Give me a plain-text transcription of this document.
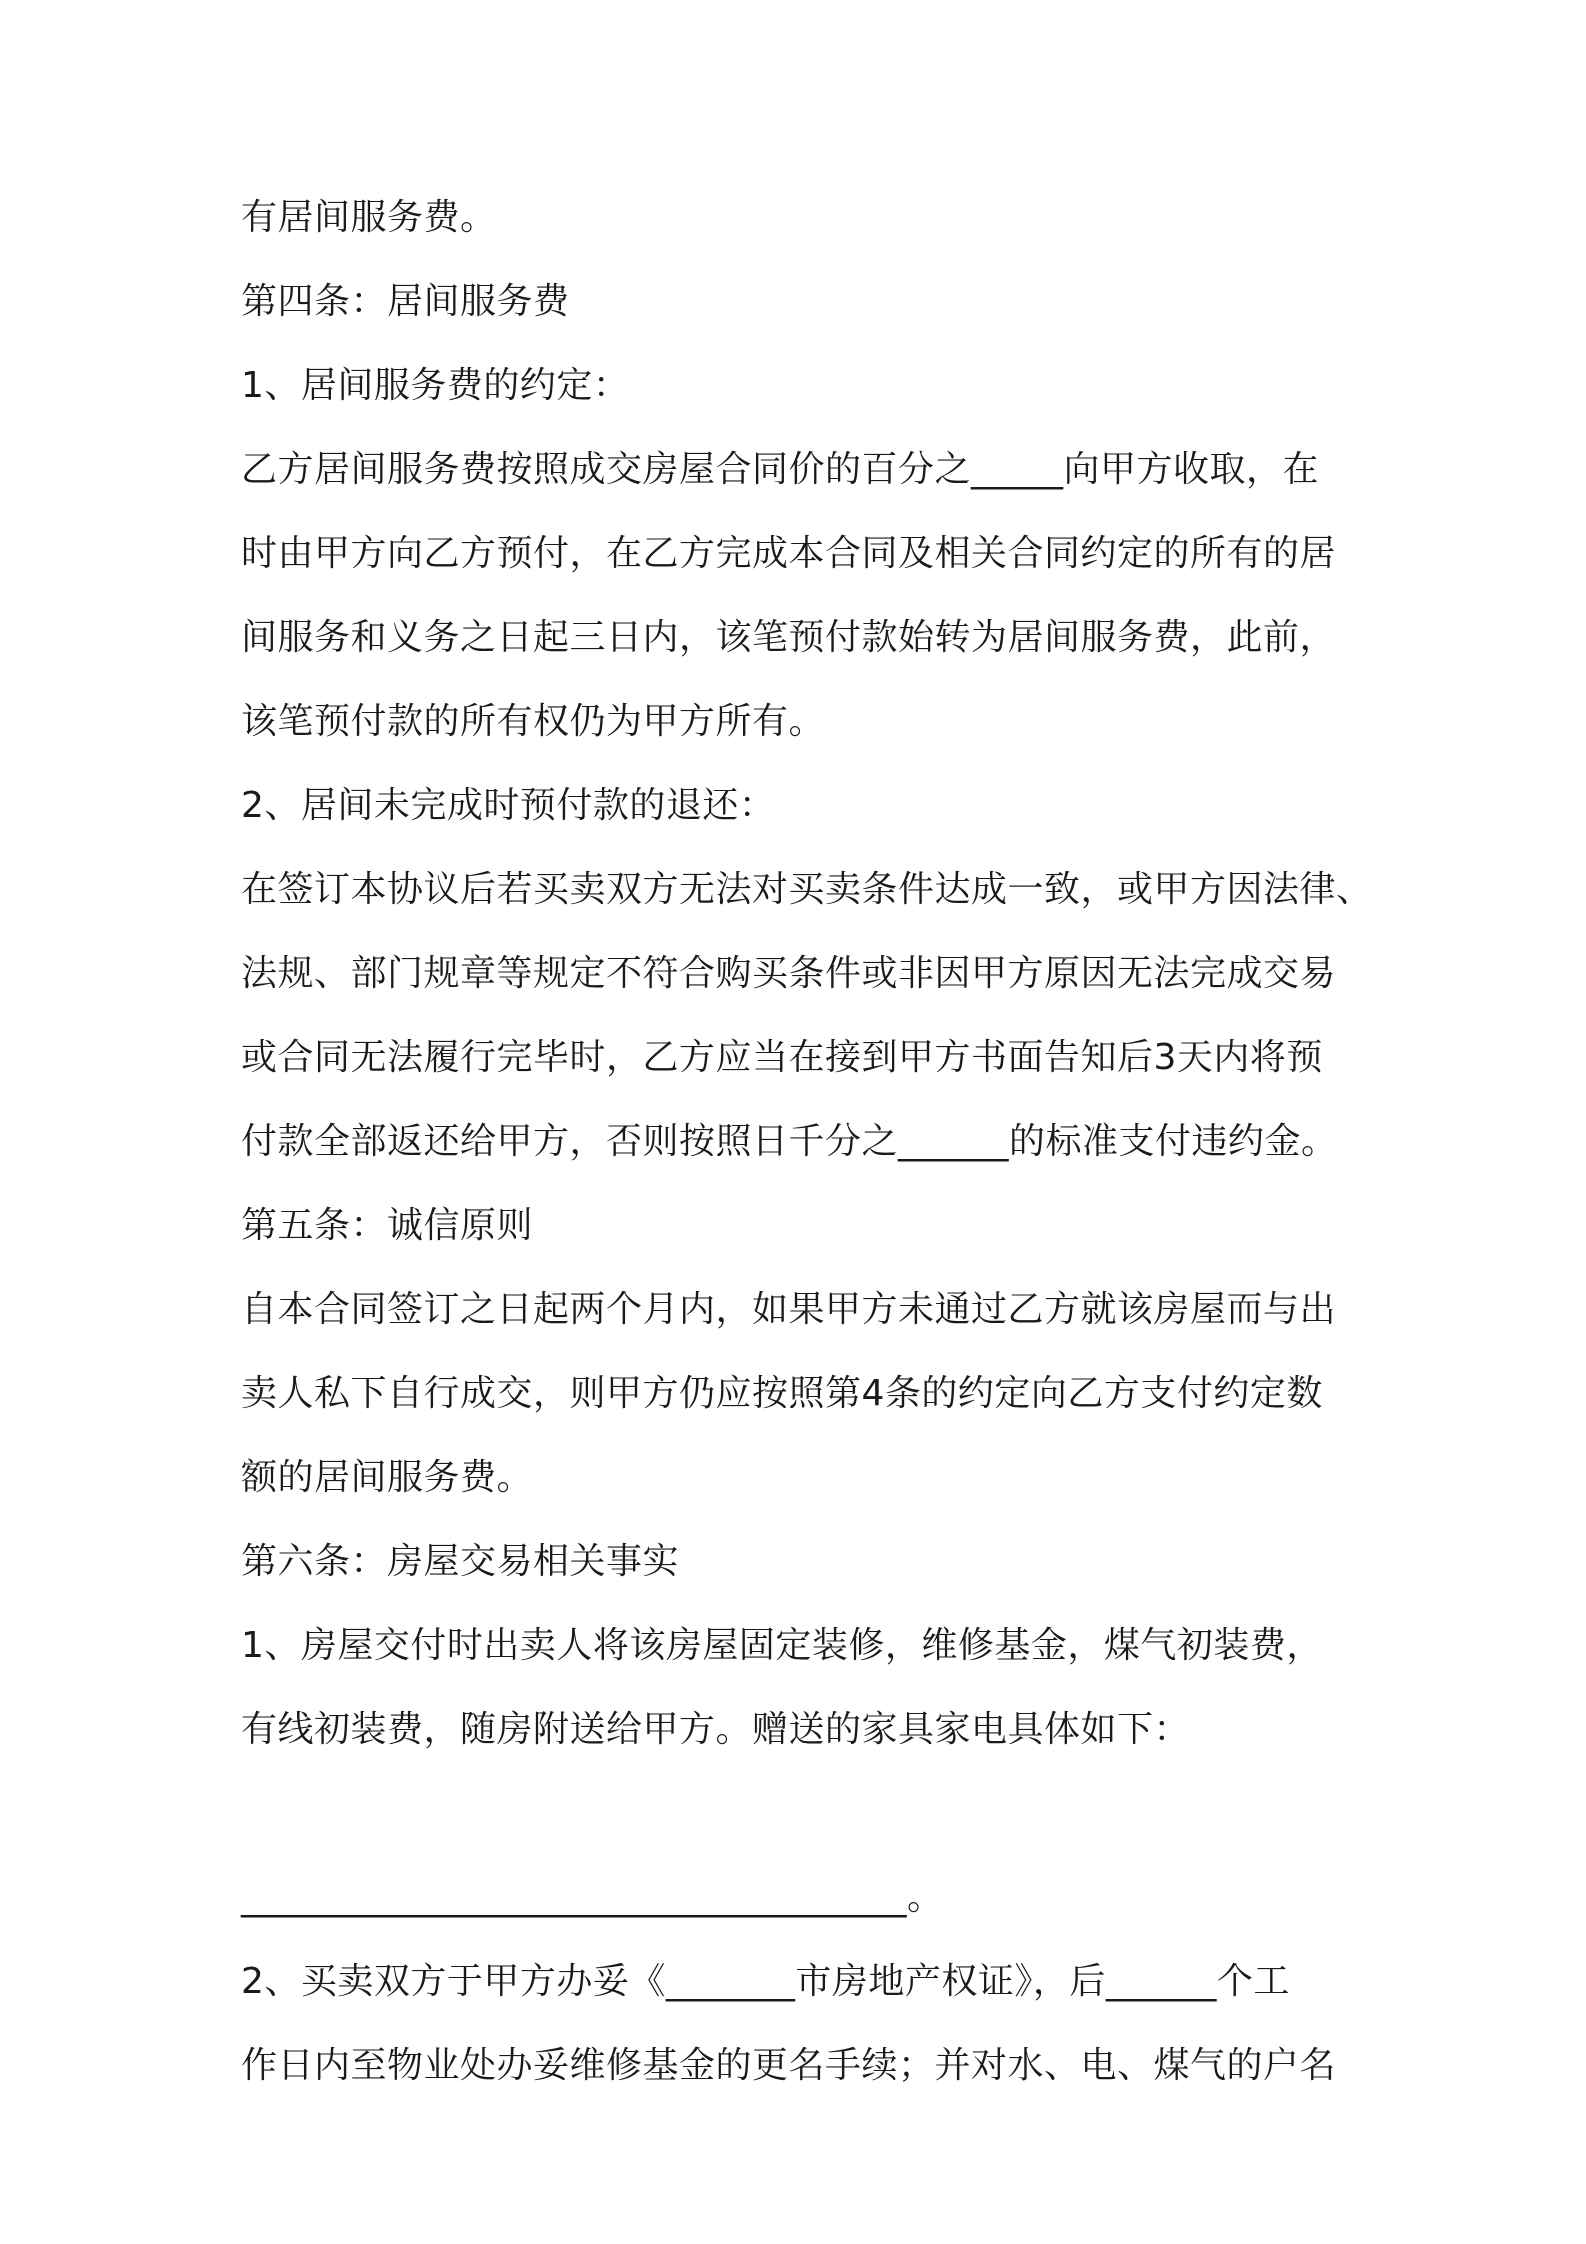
有居间服务费。
第四条：居间服务费
1、居间服务费的约定：
乙方居间服务费按照成交房屋合同价的百分之_____向甲方收取，在
时由甲方向乙方预付，在乙方完成本合同及相关合同约定的所有的居
间服务和义务之日起三日内，该笔预付款始转为居间服务费，此前，
该笔预付款的所有权仍为甲方所有。
2、居间未完成时预付款的退还：
在签订本协议后若买卖双方无法对买卖条件达成一致，或甲方因法律、
法规、部门规章等规定不符合购买条件或非因甲方原因无法完成交易
或合同无法履行完毕时，乙方应当在接到甲方书面告知后3天内将预
付款全部返还给甲方，否则按照日千分之______的标准支付违约金。
第五条：诚信原则
自本合同签订之日起两个月内，如果甲方未通过乙方就该房屋而与出
卖人私下自行成交，则甲方仍应按照第4条的约定向乙方支付约定数
额的居间服务费。
第六条：房屋交易相关事实
1、房屋交付时出卖人将该房屋固定装修，维修基金，煤气初装费，
有线初装费，随房附送给甲方。赠送的家具家电具体如下：
____________________________________。
2、买卖双方于甲方办妥《_______市房地产权证》，后______个工
作日内至物业处办妥维修基金的更名手续；并对水、电、煤气的户名
